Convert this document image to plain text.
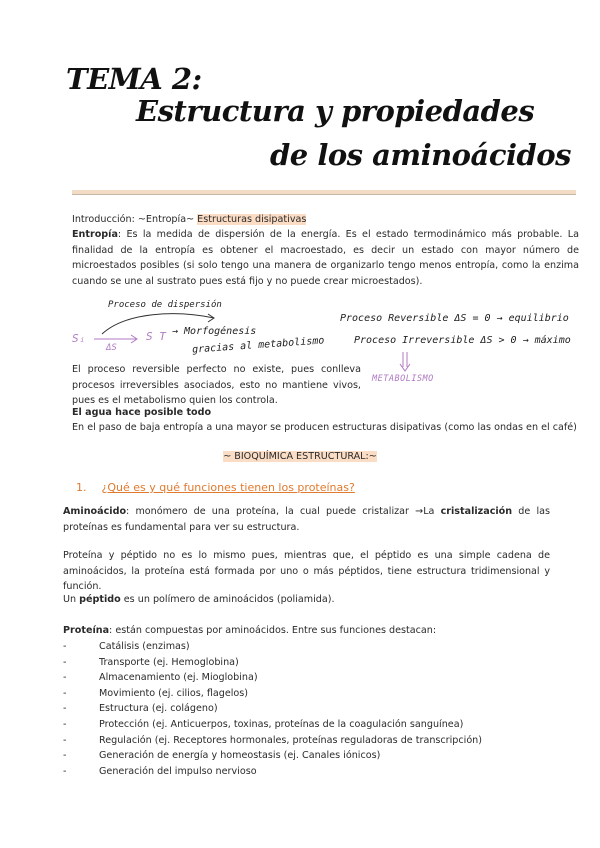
TEMA 2:
Estructura y propiedades
de los aminoácidos
Introducción: ~Entropía~ Estructuras disipativas
Entropía: Es la medida de dispersión de la energía. Es el estado termodinámico más probable. La finalidad de la entropía es obtener el macroestado, es decir un estado con mayor número de microestados posibles (si solo tengo una manera de organizarlo tengo menos entropía, como la enzima cuando se une al sustrato pues está fijo y no puede crear microestados).
Proceso de dispersión
Sᵢ
ΔS
S T → Morfogénesis
gracias al metabolismo
Proceso Reversible ΔS = 0 → equilibrio
Proceso Irreversible ΔS > 0 → máximo
METABOLISMO
El proceso reversible perfecto no existe, pues conlleva procesos irreversibles asociados, esto no mantiene vivos, pues es el metabolismo quien los controla.
El agua hace posible todo
En el paso de baja entropía a una mayor se producen estructuras disipativas (como las ondas en el café)
~ BIOQUÍMICA ESTRUCTURAL:~
1. ¿Qué es y qué funciones tienen los proteínas?
Aminoácido: monómero de una proteína, la cual puede cristalizar →La cristalización de las proteínas es fundamental para ver su estructura.
Proteína y péptido no es lo mismo pues, mientras que, el péptido es una simple cadena de aminoácidos, la proteína está formada por uno o más péptidos, tiene estructura tridimensional y función.
Un péptido es un polímero de aminoácidos (poliamida).
Proteína: están compuestas por aminoácidos. Entre sus funciones destacan:
- Catálisis (enzimas)
- Transporte (ej. Hemoglobina)
- Almacenamiento (ej. Mioglobina)
- Movimiento (ej. cilios, flagelos)
- Estructura (ej. colágeno)
- Protección (ej. Anticuerpos, toxinas, proteínas de la coagulación sanguínea)
- Regulación (ej. Receptores hormonales, proteínas reguladoras de transcripción)
- Generación de energía y homeostasis (ej. Canales iónicos)
- Generación del impulso nervioso
